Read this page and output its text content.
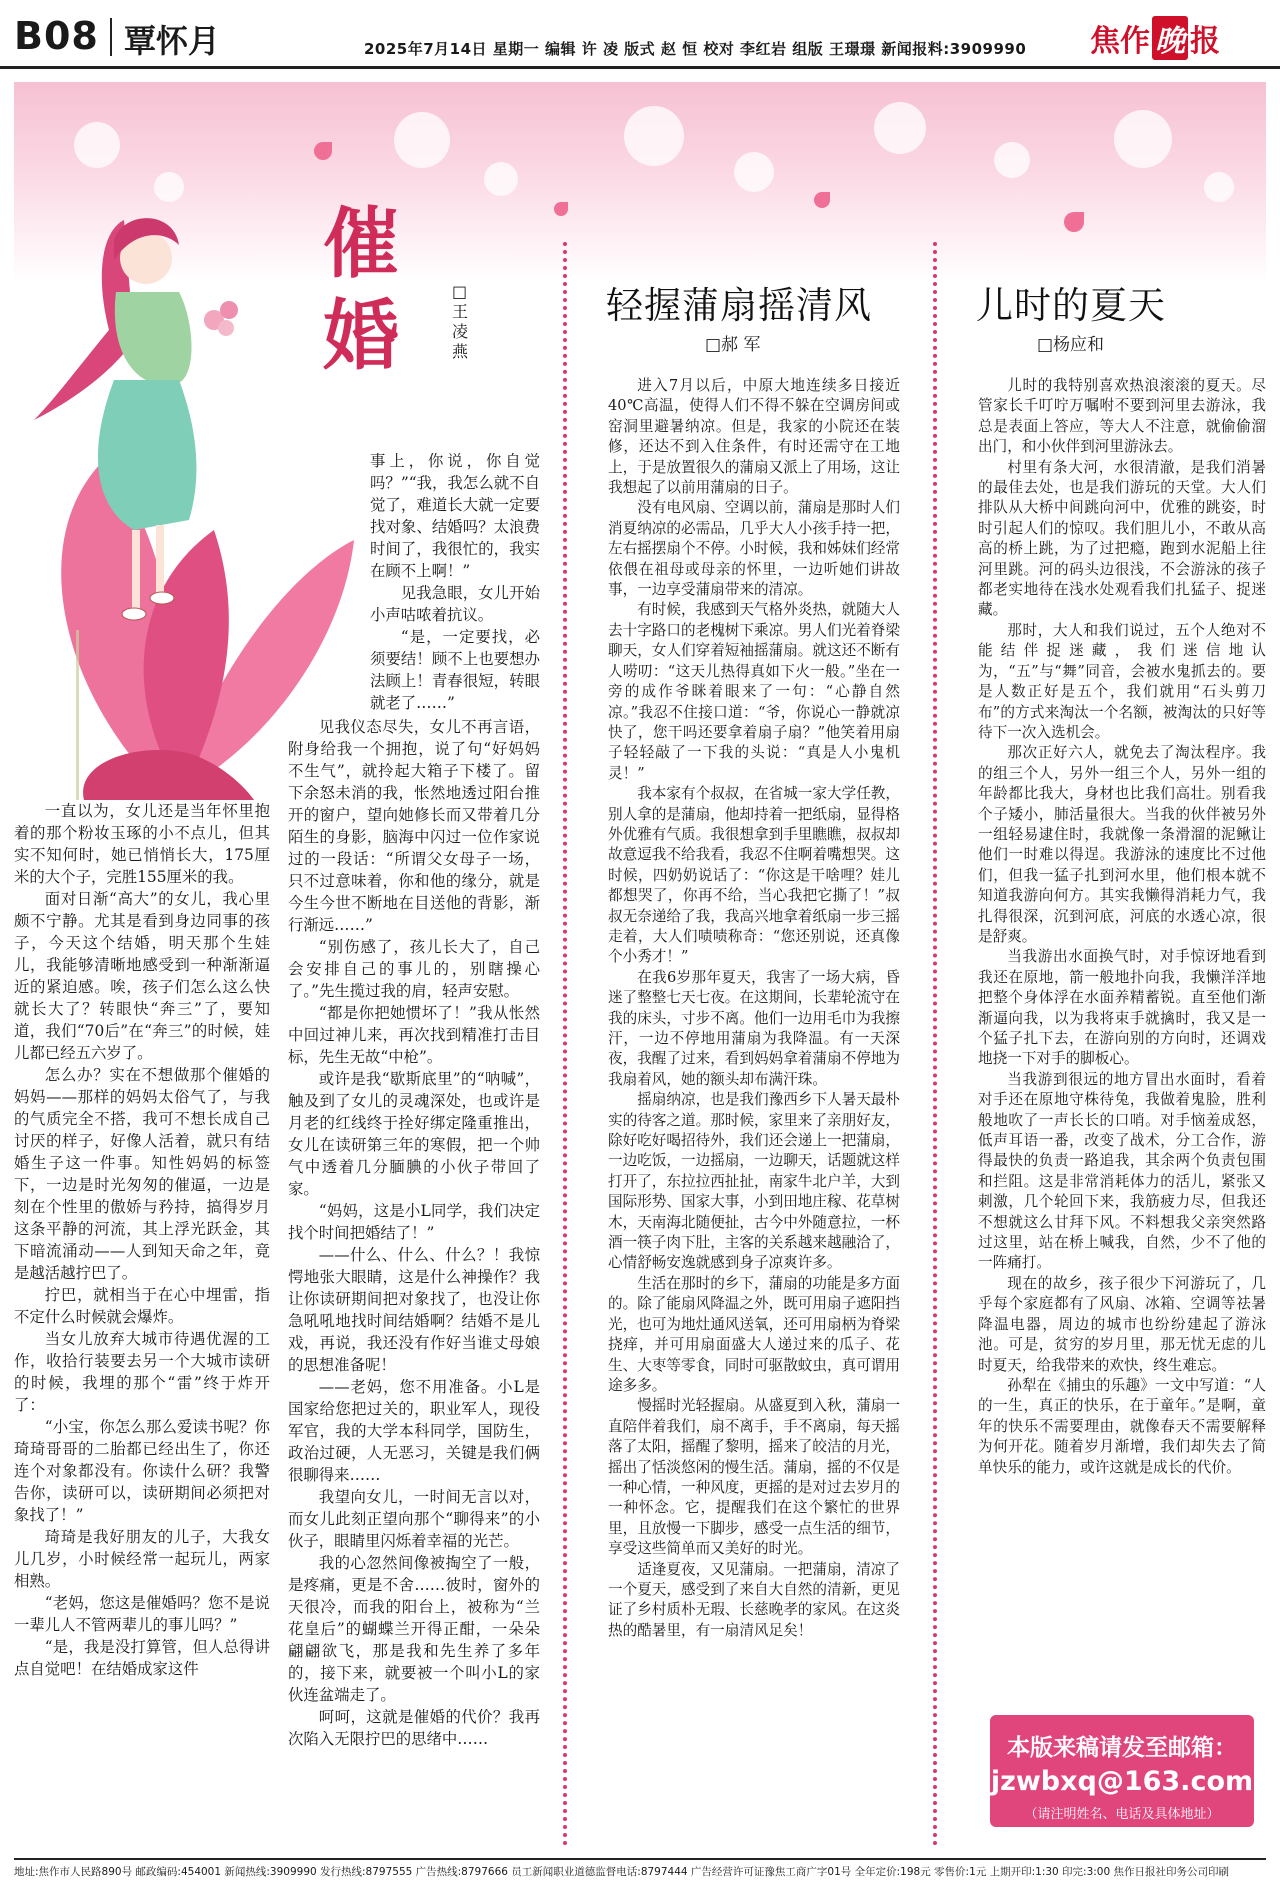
B08 覃怀月	2025年7月14日 星期一 编辑 许 凌 版式 赵 恒 校对 李红岩 组版 王璟璟 新闻报料:3909990 焦作 晚 报
催婚	□王凌燕

事上，你说，你自觉吗？”“我，我怎么就不自觉了，难道长大就一定要找对象、结婚吗？太浪费时间了，我很忙的，我实在顾不上啊！”

见我急眼，女儿开始小声咕哝着抗议。

“是，一定要找，必须要结！顾不上也要想办法顾上！青春很短，转眼就老了……”

见我仪态尽失，女儿不再言语，附身给我一个拥抱，说了句“好妈妈不生气”，就拎起大箱子下楼了。留下余怒未消的我，怅然地透过阳台推开的窗户，望向她修长而又带着几分陌生的身影，脑海中闪过一位作家说过的一段话：“所谓父女母子一场，只不过意味着，你和他的缘分，就是今生今世不断地在目送他的背影，渐行渐远……”

“别伤感了，孩儿长大了，自己会安排自己的事儿的，别瞎操心了。”先生揽过我的肩，轻声安慰。

“都是你把她惯坏了！”我从怅然中回过神儿来，再次找到精准打击目标，先生无故“中枪”。

或许是我“歇斯底里”的“呐喊”，触及到了女儿的灵魂深处，也或许是月老的红线终于拴好绑定隆重推出，女儿在读研第三年的寒假，把一个帅气中透着几分腼腆的小伙子带回了家。

“妈妈，这是小L同学，我们决定找个时间把婚结了！”

——什么、什么、什么？！我惊愕地张大眼睛，这是什么神操作？我让你读研期间把对象找了，也没让你急吼吼地找时间结婚啊？结婚不是儿戏，再说，我还没有作好当谁丈母娘的思想准备呢！

——老妈，您不用准备。小L是国家给您把过关的，职业军人，现役军官，我的大学本科同学，国防生，政治过硬，人无恶习，关键是我们俩很聊得来……

我望向女儿，一时间无言以对，而女儿此刻正望向那个“聊得来”的小伙子，眼睛里闪烁着幸福的光芒。

我的心忽然间像被掏空了一般，是疼痛，更是不舍……彼时，窗外的天很冷，而我的阳台上，被称为“兰花皇后”的蝴蝶兰开得正酣，一朵朵翩翩欲飞，那是我和先生养了多年的，接下来，就要被一个叫小L的家伙连盆端走了。

呵呵，这就是催婚的代价？我再次陷入无限拧巴的思绪中……

一直以为，女儿还是当年怀里抱着的那个粉妆玉琢的小不点儿，但其实不知何时，她已悄悄长大，175厘米的大个子，完胜155厘米的我。

面对日渐“高大”的女儿，我心里颇不宁静。尤其是看到身边同事的孩子，今天这个结婚，明天那个生娃儿，我能够清晰地感受到一种渐渐逼近的紧迫感。唉，孩子们怎么这么快就长大了？转眼快“奔三”了，要知道，我们“70后”在“奔三”的时候，娃儿都已经五六岁了。

怎么办？实在不想做那个催婚的妈妈——那样的妈妈太俗气了，与我的气质完全不搭，我可不想长成自己讨厌的样子，好像人活着，就只有结婚生子这一件事。知性妈妈的标签下，一边是时光匆匆的催逼，一边是刻在个性里的傲娇与矜持，搞得岁月这条平静的河流，其上浮光跃金，其下暗流涌动——人到知天命之年，竟是越活越拧巴了。

拧巴，就相当于在心中埋雷，指不定什么时候就会爆炸。

当女儿放弃大城市待遇优渥的工作，收拾行装要去另一个大城市读研的时候，我埋的那个“雷”终于炸开了：

“小宝，你怎么那么爱读书呢？你琦琦哥哥的二胎都已经出生了，你还连个对象都没有。你读什么研？我警告你，读研可以，读研期间必须把对象找了！”

琦琦是我好朋友的儿子，大我女儿几岁，小时候经常一起玩儿，两家相熟。

“老妈，您这是催婚吗？您不是说一辈儿人不管两辈儿的事儿吗？”

“是，我是没打算管，但人总得讲点自觉吧！在结婚成家这件

轻握蒲扇摇清风
□郝 军

进入7月以后，中原大地连续多日接近40℃高温，使得人们不得不躲在空调房间或窑洞里避暑纳凉。但是，我家的小院还在装修，还达不到入住条件，有时还需守在工地上，于是放置很久的蒲扇又派上了用场，这让我想起了以前用蒲扇的日子。

没有电风扇、空调以前，蒲扇是那时人们消夏纳凉的必需品，几乎大人小孩手持一把，左右摇摆扇个不停。小时候，我和姊妹们经常依偎在祖母或母亲的怀里，一边听她们讲故事，一边享受蒲扇带来的清凉。

有时候，我感到天气格外炎热，就随大人去十字路口的老槐树下乘凉。男人们光着脊梁聊天，女人们穿着短袖摇蒲扇。就这还不断有人唠叨：“这天儿热得真如下火一般。”坐在一旁的成作爷眯着眼来了一句：“心静自然凉。”我忍不住接口道：“爷，你说心一静就凉快了，您干吗还要拿着扇子扇？”他笑着用扇子轻轻敲了一下我的头说：“真是人小鬼机灵！”

我本家有个叔叔，在省城一家大学任教，别人拿的是蒲扇，他却持着一把纸扇，显得格外优雅有气质。我很想拿到手里瞧瞧，叔叔却故意逗我不给我看，我忍不住啊着嘴想哭。这时候，四奶奶说话了：“你这是干啥哩？娃儿都想哭了，你再不给，当心我把它撕了！”叔叔无奈递给了我，我高兴地拿着纸扇一步三摇走着，大人们啧啧称奇：“您还别说，还真像个小秀才！”

在我6岁那年夏天，我害了一场大病，昏迷了整整七天七夜。在这期间，长辈轮流守在我的床头，寸步不离。他们一边用毛巾为我擦汗，一边不停地用蒲扇为我降温。有一天深夜，我醒了过来，看到妈妈拿着蒲扇不停地为我扇着风，她的额头却布满汗珠。

摇扇纳凉，也是我们豫西乡下人暑天最朴实的待客之道。那时候，家里来了亲朋好友，除好吃好喝招待外，我们还会递上一把蒲扇，一边吃饭，一边摇扇，一边聊天，话题就这样打开了，东拉拉西扯扯，南家牛北户羊，大到国际形势、国家大事，小到田地庄稼、花草树木，天南海北随便扯，古今中外随意拉，一杯酒一筷子肉下肚，主客的关系越来越融洽了，心情舒畅安逸就感到身子凉爽许多。

生活在那时的乡下，蒲扇的功能是多方面的。除了能扇风降温之外，既可用扇子遮阳挡光，也可为地灶通风送氧，还可用扇柄为脊梁挠痒，并可用扇面盛大人递过来的瓜子、花生、大枣等零食，同时可驱散蚊虫，真可谓用途多多。

慢摇时光轻握扇。从盛夏到入秋，蒲扇一直陪伴着我们，扇不离手，手不离扇，每天摇落了太阳，摇醒了黎明，摇来了皎洁的月光，摇出了恬淡悠闲的慢生活。蒲扇，摇的不仅是一种心情，一种风度，更摇的是对过去岁月的一种怀念。它，提醒我们在这个繁忙的世界里，且放慢一下脚步，感受一点生活的细节，享受这些简单而又美好的时光。

适逢夏夜，又见蒲扇。一把蒲扇，清凉了一个夏天，感受到了来自大自然的清新，更见证了乡村质朴无瑕、长慈晚孝的家风。在这炎热的酷暑里，有一扇清风足矣！

儿时的夏天
□杨应和

儿时的我特别喜欢热浪滚滚的夏天。尽管家长千叮咛万嘱咐不要到河里去游泳，我总是表面上答应，等大人不注意，就偷偷溜出门，和小伙伴到河里游泳去。

村里有条大河，水很清澈，是我们消暑的最佳去处，也是我们游玩的天堂。大人们排队从大桥中间跳向河中，优雅的跳姿，时时引起人们的惊叹。我们胆儿小，不敢从高高的桥上跳，为了过把瘾，跑到水泥船上往河里跳。河的码头边很浅，不会游泳的孩子都老实地待在浅水处观看我们扎猛子、捉迷藏。

那时，大人和我们说过，五个人绝对不能结伴捉迷藏，我们迷信地认为，“五”与“舞”同音，会被水鬼抓去的。要是人数正好是五个，我们就用“石头剪刀布”的方式来淘汰一个名额，被淘汰的只好等待下一次入选机会。

那次正好六人，就免去了淘汰程序。我的组三个人，另外一组三个人，另外一组的年龄都比我大，身材也比我们高壮。别看我个子矮小，肺活量很大。当我的伙伴被另外一组轻易逮住时，我就像一条滑溜的泥鳅让他们一时难以得逞。我游泳的速度比不过他们，但我一猛子扎到河水里，他们根本就不知道我游向何方。其实我懒得消耗力气，我扎得很深，沉到河底，河底的水透心凉，很是舒爽。

当我游出水面换气时，对手惊讶地看到我还在原地，箭一般地扑向我，我懒洋洋地把整个身体浮在水面养精蓄锐。直至他们渐渐逼向我，以为我将束手就擒时，我又是一个猛子扎下去，在游向别的方向时，还调戏地挠一下对手的脚板心。

当我游到很远的地方冒出水面时，看着对手还在原地守株待兔，我做着鬼脸，胜利般地吹了一声长长的口哨。对手恼羞成怒，低声耳语一番，改变了战术，分工合作，游得最快的负责一路追我，其余两个负责包围和拦阻。这是非常消耗体力的活儿，紧张又刺激，几个轮回下来，我筋疲力尽，但我还不想就这么甘拜下风。不料想我父亲突然路过这里，站在桥上喊我，自然，少不了他的一阵痛打。

现在的故乡，孩子很少下河游玩了，几乎每个家庭都有了风扇、冰箱、空调等祛暑降温电器，周边的城市也纷纷建起了游泳池。可是，贫穷的岁月里，那无忧无虑的儿时夏天，给我带来的欢快，终生难忘。

孙犁在《捕虫的乐趣》一文中写道：“人的一生，真正的快乐，在于童年。”是啊，童年的快乐不需要理由，就像春天不需要解释为何开花。随着岁月渐增，我们却失去了简单快乐的能力，或许这就是成长的代价。

本版来稿请发至邮箱：
jzwbxq@163.com
（请注明姓名、电话及具体地址）
地址:焦作市人民路890号 邮政编码:454001 新闻热线:3909990 发行热线:8797555 广告热线:8797666 员工新闻职业道德监督电话:8797444 广告经营许可证豫焦工商广字01号 全年定价:198元 零售价:1元 上期开印:1:30 印完:3:00 焦作日报社印务公司印刷
